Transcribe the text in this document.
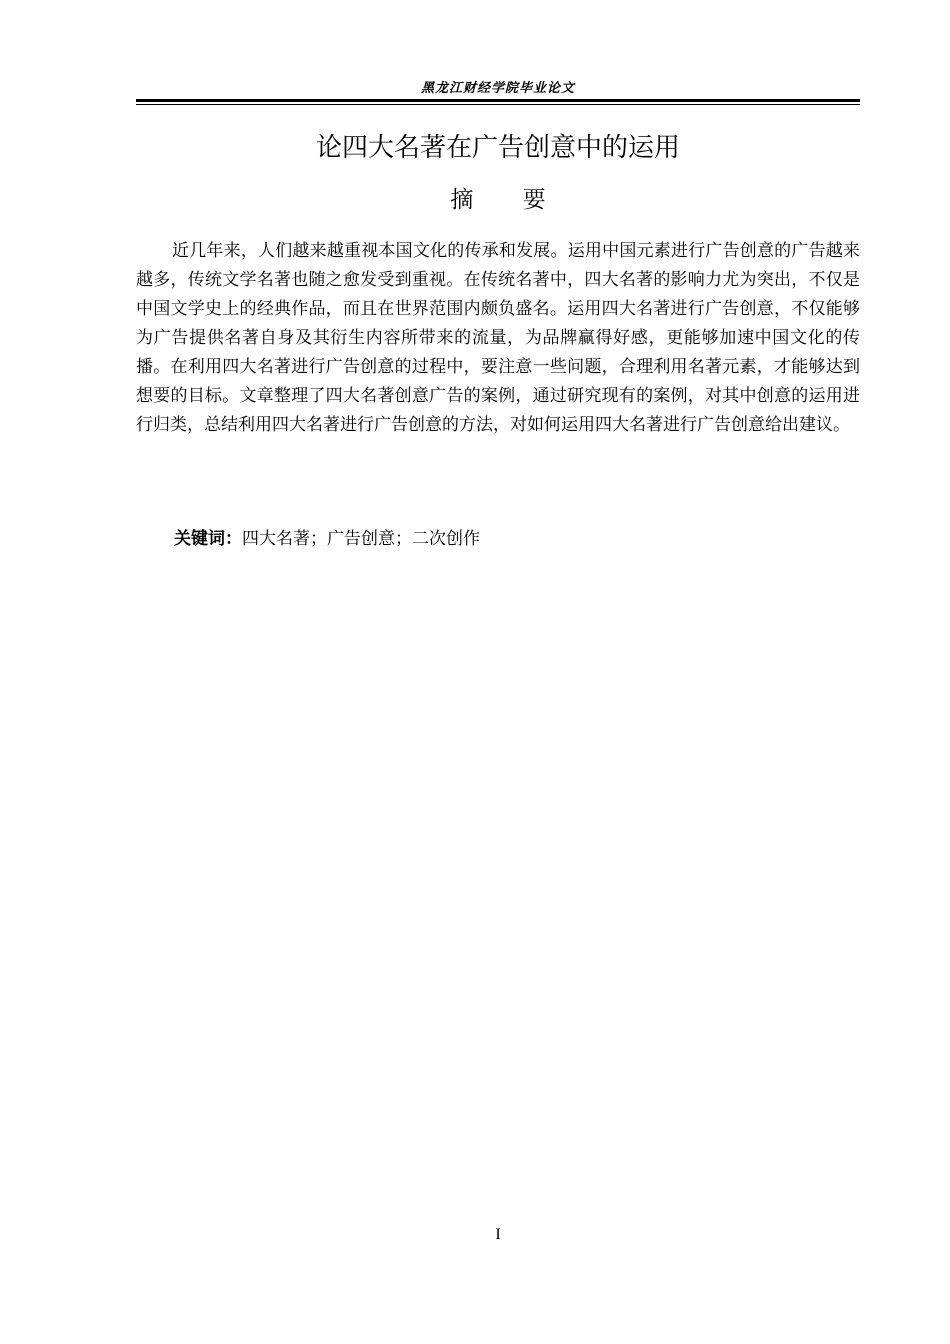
黑龙江财经学院毕业论文
论四大名著在广告创意中的运用
摘 要

近几年来，人们越来越重视本国文化的传承和发展。运用中国元素进行广告创意的广告越来越多，传统文学名著也随之愈发受到重视。在传统名著中，四大名著的影响力尤为突出，不仅是中国文学史上的经典作品，而且在世界范围内颇负盛名。运用四大名著进行广告创意，不仅能够为广告提供名著自身及其衍生内容所带来的流量，为品牌赢得好感，更能够加速中国文化的传播。在利用四大名著进行广告创意的过程中，要注意一些问题，合理利用名著元素，才能够达到想要的目标。文章整理了四大名著创意广告的案例，通过研究现有的案例，对其中创意的运用进行归类，总结利用四大名著进行广告创意的方法，对如何运用四大名著进行广告创意给出建议。

关键词：四大名著；广告创意；二次创作

I
